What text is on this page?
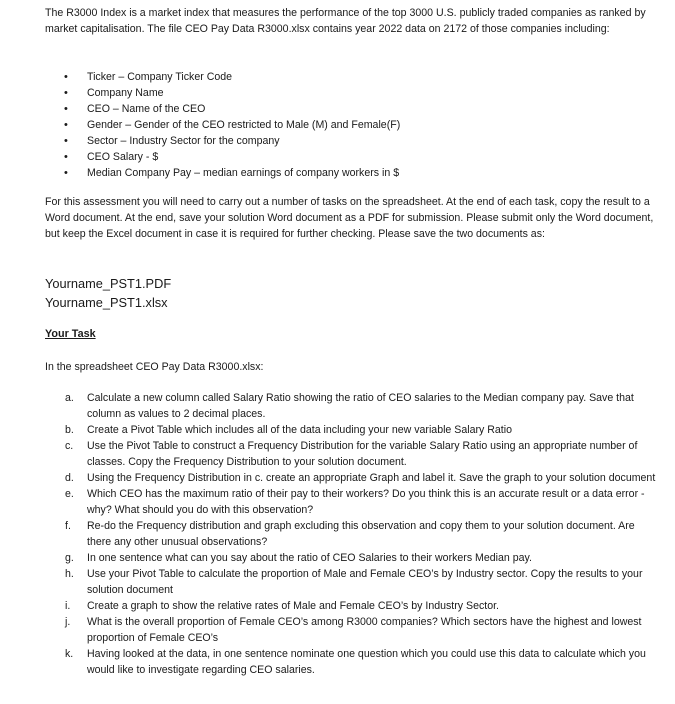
The R3000 Index is a market index that measures the performance of the top 3000 U.S. publicly traded companies as ranked by market capitalisation. The file CEO Pay Data R3000.xlsx contains year 2022 data on 2172 of those companies including:

• Ticker – Company Ticker Code
• Company Name
• CEO – Name of the CEO
• Gender – Gender of the CEO restricted to Male (M) and Female(F)
• Sector – Industry Sector for the company
• CEO Salary - $
• Median Company Pay – median earnings of company workers in $

For this assessment you will need to carry out a number of tasks on the spreadsheet. At the end of each task, copy the result to a Word document. At the end, save your solution Word document as a PDF for submission. Please submit only the Word document, but keep the Excel document in case it is required for further checking. Please save the two documents as:

Yourname_PST1.PDF
Yourname_PST1.xlsx
Your Task

In the spreadsheet CEO Pay Data R3000.xlsx:

a. Calculate a new column called Salary Ratio showing the ratio of CEO salaries to the Median company pay. Save that column as values to 2 decimal places.
b. Create a Pivot Table which includes all of the data including your new variable Salary Ratio
c. Use the Pivot Table to construct a Frequency Distribution for the variable Salary Ratio using an appropriate number of classes. Copy the Frequency Distribution to your solution document.
d. Using the Frequency Distribution in c. create an appropriate Graph and label it. Save the graph to your solution document
e. Which CEO has the maximum ratio of their pay to their workers? Do you think this is an accurate result or a data error - why? What should you do with this observation?
f. Re-do the Frequency distribution and graph excluding this observation and copy them to your solution document. Are there any other unusual observations?
g. In one sentence what can you say about the ratio of CEO Salaries to their workers Median pay.
h. Use your Pivot Table to calculate the proportion of Male and Female CEO’s by Industry sector. Copy the results to your solution document
i. Create a graph to show the relative rates of Male and Female CEO’s by Industry Sector.
j. What is the overall proportion of Female CEO’s among R3000 companies? Which sectors have the highest and lowest proportion of Female CEO’s
k. Having looked at the data, in one sentence nominate one question which you could use this data to calculate which you would like to investigate regarding CEO salaries.
